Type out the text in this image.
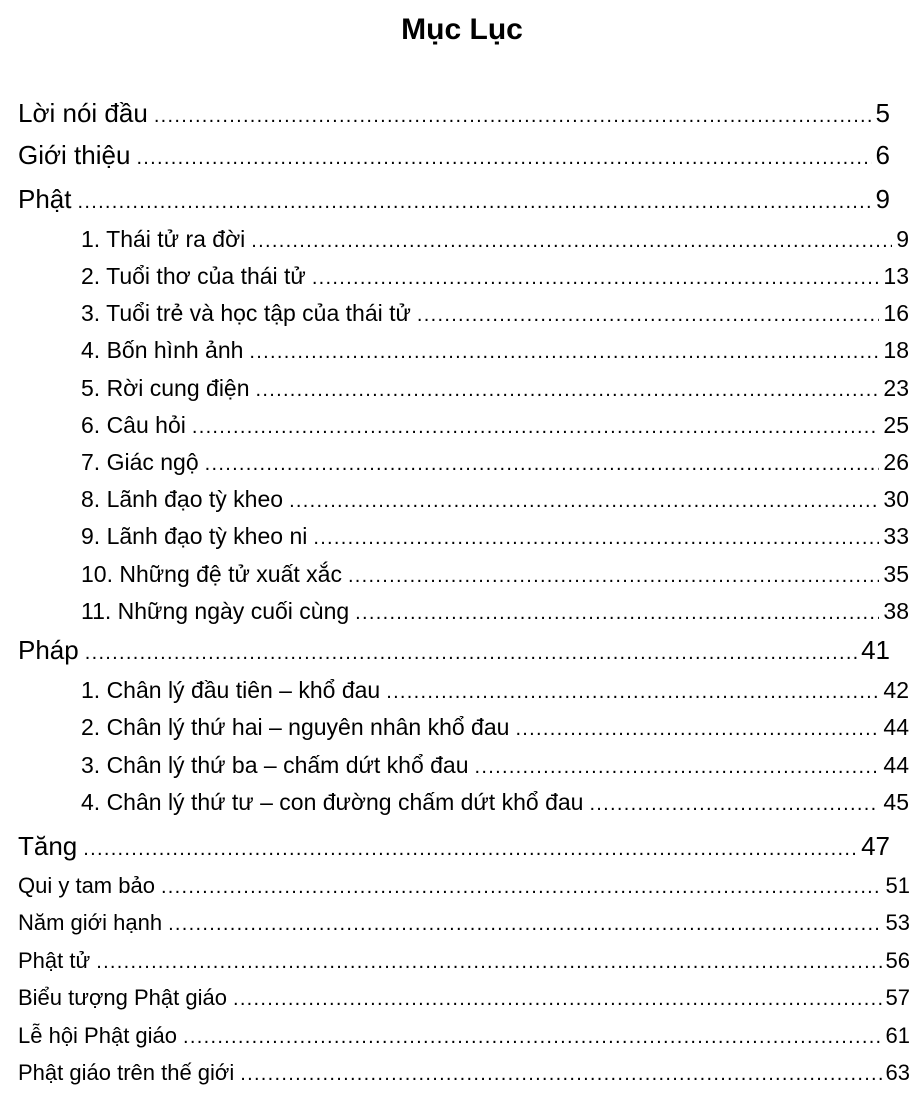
Mục Lục
Lời nói đầu .....	5
Giới thiệu .....	6
Phật .....	9
1. Thái tử ra đời .....	9
2. Tuổi thơ của thái tử .....	13
3. Tuổi trẻ và học tập của thái tử .....	16
4. Bốn hình ảnh .....	18
5. Rời cung điện .....	23
6. Câu hỏi .....	25
7. Giác ngộ .....	26
8. Lãnh đạo tỳ kheo .....	30
9. Lãnh đạo tỳ kheo ni .....	33
10. Những đệ tử xuất xắc .....	35
11. Những ngày cuối cùng .....	38
Pháp .....	41
1. Chân lý đầu tiên – khổ đau .....	42
2. Chân lý thứ hai – nguyên nhân khổ đau .....	44
3. Chân lý thứ ba – chấm dứt khổ đau .....	44
4. Chân lý thứ tư – con đường chấm dứt khổ đau .....	45
Tăng .....	47
Qui y tam bảo .....	51
Năm giới hạnh .....	53
Phật tử .....	56
Biểu tượng Phật giáo .....	57
Lễ hội Phật giáo .....	61
Phật giáo trên thế giới .....	63
